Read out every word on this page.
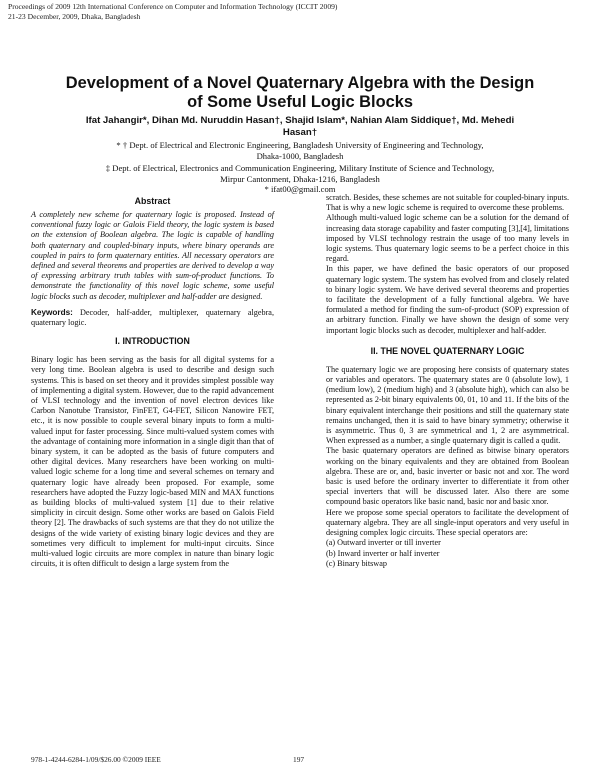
Proceedings of 2009 12th International Conference on Computer and Information Technology (ICCIT 2009)
21-23 December, 2009, Dhaka, Bangladesh
Development of a Novel Quaternary Algebra with the Design
of Some Useful Logic Blocks
Ifat Jahangir*, Dihan Md. Nuruddin Hasan†, Shajid Islam*, Nahian Alam Siddique†, Md. Mehedi
Hasan†
* † Dept. of Electrical and Electronic Engineering, Bangladesh University of Engineering and Technology,
Dhaka-1000, Bangladesh
‡ Dept. of Electrical, Electronics and Communication Engineering, Military Institute of Science and Technology,
Mirpur Cantonment, Dhaka-1216, Bangladesh
* ifat00@gmail.com

Abstract

A completely new scheme for quaternary logic is proposed. Instead of conventional fuzzy logic or Galois Field theory, the logic system is based on the extension of Boolean algebra. The logic is capable of handling both quaternary and coupled-binary inputs, where binary operands are coupled in pairs to form quaternary entities. All necessary operators are defined and several theorems and properties are derived to develop a way of expressing arbitrary truth tables with sum-of-product functions. To demonstrate the functionality of this novel logic scheme, some useful logic blocks such as decoder, multiplexer and half-adder are designed.

Keywords: Decoder, half-adder, multiplexer, quaternary algebra, quaternary logic.

I. INTRODUCTION

Binary logic has been serving as the basis for all digital systems for a very long time. Boolean algebra is used to describe and design such systems. This is based on set theory and it provides simplest possible way of implementing a digital system. However, due to the rapid advancement of VLSI technology and the invention of novel electron devices like Carbon Nanotube Transistor, FinFET, G4-FET, Silicon Nanowire FET, etc., it is now possible to couple several binary inputs to form a multi-valued input for faster processing. Since multi-valued system comes with the advantage of containing more information in a single digit than that of binary system, it can be adopted as the basis of future computers and other digital devices. Many researchers have been working on multi-valued logic scheme for a long time and several schemes on ternary and quaternary logic have already been proposed. For example, some researchers have adopted the Fuzzy logic-based MIN and MAX functions as building blocks of multi-valued system [1] due to their relative simplicity in circuit design. Some other works are based on Galois Field theory [2]. The drawbacks of such systems are that they do not utilize the designs of the wide variety of existing binary logic devices and they are sometimes very difficult to implement for multi-input circuits. Since multi-valued logic circuits are more complex in nature than binary logic circuits, it is often difficult to design a large system from the

scratch. Besides, these schemes are not suitable for coupled-binary inputs. That is why a new logic scheme is required to overcome these problems.

Although multi-valued logic scheme can be a solution for the demand of increasing data storage capability and faster computing [3],[4], limitations imposed by VLSI technology restrain the usage of too many levels in logic systems. Thus quaternary logic seems to be a perfect choice in this regard.

In this paper, we have defined the basic operators of our proposed quaternary logic system. The system has evolved from and closely related to binary logic system. We have derived several theorems and properties to facilitate the development of a fully functional algebra. We have formulated a method for finding the sum-of-product (SOP) expression of an arbitrary function. Finally we have shown the design of some very important logic blocks such as decoder, multiplexer and half-adder.

II. THE NOVEL QUATERNARY LOGIC

The quaternary logic we are proposing here consists of quaternary states or variables and operators. The quaternary states are 0 (absolute low), 1 (medium low), 2 (medium high) and 3 (absolute high), which can also be represented as 2-bit binary equivalents 00, 01, 10 and 11. If the bits of the binary equivalent interchange their positions and still the quaternary state remains unchanged, then it is said to have binary symmetry; otherwise it is asymmetric. Thus 0, 3 are symmetrical and 1, 2 are asymmetrical. When expressed as a number, a single quaternary digit is called a qudit.

The basic quaternary operators are defined as bitwise binary operators working on the binary equivalents and they are obtained from Boolean algebra. These are or, and, basic inverter or basic not and xor. The word basic is used before the ordinary inverter to differentiate it from other special inverters that will be discussed later. Also there are some compound basic operators like basic nand, basic nor and basic xnor.

Here we propose some special operators to facilitate the development of quaternary algebra. They are all single-input operators and very useful in designing complex logic circuits. These special operators are:

(a) Outward inverter or till inverter

(b) Inward inverter or half inverter

(c) Binary bitswap

978-1-4244-6284-1/09/$26.00 ©2009 IEEE	197
